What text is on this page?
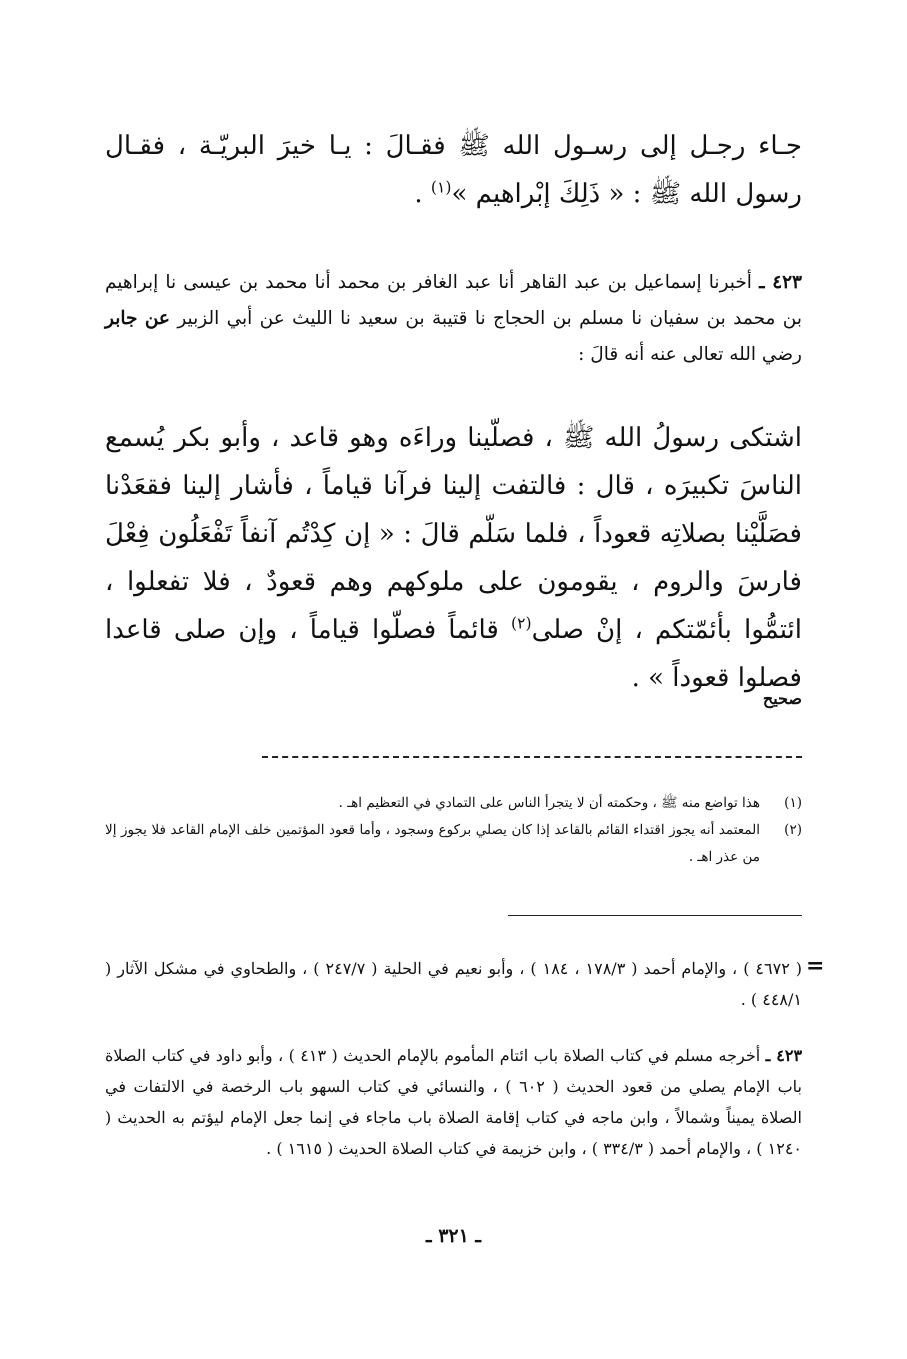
جـاء رجـل إلى رسـول الله ﷺ فقـالَ : يـا خيرَ البريّـة ، فقـال رسول الله ﷺ : « ذَلِكَ إبْراهيم »$^{(١)}$ .

٤٢٣ ـ أخبرنا إسماعيل بن عبد القاهر أنا عبد الغافر بن محمد أنا محمد بن عيسى نا إبراهيم بن محمد بن سفيان نا مسلم بن الحجاج نا قتيبة بن سعيد نا الليث عن أبي الزبير عن جابر رضي الله تعالى عنه أنه قالَ :

اشتكى رسولُ الله ﷺ ، فصلّينا وراءَه وهو قاعد ، وأبو بكر يُسمع الناسَ تكبيرَه ، قال : فالتفت إلينا فرآنا قياماً ، فأشار إلينا فقعَدْنا فصَلَّيْنا بصلاتِه قعوداً ، فلما سَلّم قالَ : « إن كِدْتُم آنفاً تَفْعَلُون فِعْلَ فارسَ والروم ، يقومون على ملوكهم وهم قعودٌ ، فلا تفعلوا ، ائتمُّوا بأئمّتكم ، إنْ صلى$^{(٢)}$ قائماً فصلّوا قياماً ، وإن صلى قاعدا فصلوا قعوداً » .

صحيح
(١)
هذا تواضع منه ﷺ ، وحكمته أن لا يتجرأ الناس على التمادي في التعظيم اهـ .
(٢)
المعتمد أنه يجوز اقتداء القائم بالقاعد إذا كان يصلي بركوع وسجود ، وأما قعود المؤتمين خلف الإمام القاعد فلا يجوز إلا من عذر اهـ .
=

( ٤٦٧٢ ) ، والإمام أحمد ( ١٧٨/٣ ، ١٨٤ ) ، وأبو نعيم في الحلية ( ٢٤٧/٧ ) ، والطحاوي في مشكل الآثار ( ٤٤٨/١ ) .

٤٢٣ ـ أخرجه مسلم في كتاب الصلاة باب ائتام المأموم بالإمام الحديث ( ٤١٣ ) ، وأبو داود في كتاب الصلاة باب الإمام يصلي من قعود الحديث ( ٦٠٢ ) ، والنسائي في كتاب السهو باب الرخصة في الالتفات في الصلاة يميناً وشمالاً ، وابن ماجه في كتاب إقامة الصلاة باب ماجاء في إنما جعل الإمام ليؤتم به الحديث ( ١٢٤٠ ) ، والإمام أحمد ( ٣٣٤/٣ ) ، وابن خزيمة في كتاب الصلاة الحديث ( ١٦١٥ ) .

ـ ٣٢١ ـ
